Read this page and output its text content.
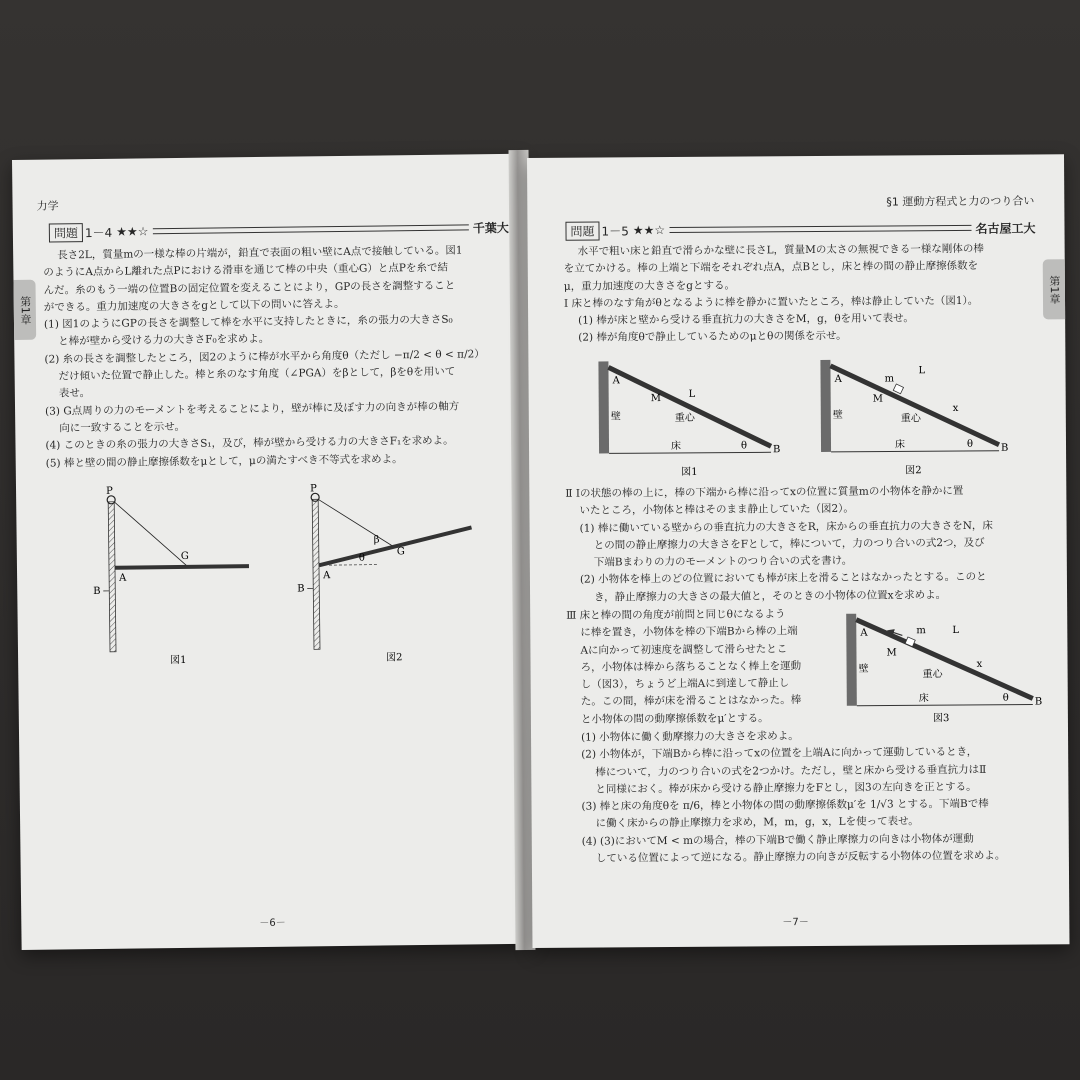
力学
第1章
問題 1－4 ★★☆	千葉大

長さ2L，質量mの一様な棒の片端が，鉛直で表面の粗い壁にA点で接触している。図1

のようにA点からL離れた点Pにおける滑車を通じて棒の中央（重心G）と点Pを糸で結

んだ。糸のもう一端の位置Bの固定位置を変えることにより，GPの長さを調整すること

ができる。重力加速度の大きさをgとして以下の問いに答えよ。

(1) 図1のようにGPの長さを調整して棒を水平に支持したときに，糸の張力の大きさS₀

と棒が壁から受ける力の大きさF₀を求めよ。

(2) 糸の長さを調整したところ，図2のように棒が水平から角度θ（ただし −π/2 < θ < π/2）

だけ傾いた位置で静止した。棒と糸のなす角度（∠PGA）をβとして，βをθを用いて

表せ。

(3) G点周りの力のモーメントを考えることにより，壁が棒に及ぼす力の向きが棒の軸方

向に一致することを示せ。

(4) このときの糸の張力の大きさS₁，及び，棒が壁から受ける力の大きさF₁を求めよ。

(5) 棒と壁の間の静止摩擦係数をμとして，μの満たすべき不等式を求めよ。

P
A
B
G
図1
P
A
B
G
β
θ
図2
－6－
§1 運動方程式と力のつり合い
第1章
問題 1－5 ★★☆	名古屋工大

水平で粗い床と鉛直で滑らかな壁に長さL，質量Mの太さの無視できる一様な剛体の棒

を立てかける。棒の上端と下端をそれぞれ点A，点Bとし，床と棒の間の静止摩擦係数を

μ，重力加速度の大きさをgとする。

Ⅰ 床と棒のなす角がθとなるように棒を静かに置いたところ，棒は静止していた（図1）。

(1) 棒が床と壁から受ける垂直抗力の大きさをM，g，θを用いて表せ。

(2) 棒が角度θで静止しているためのμとθの関係を示せ。

A
B
M	L
重心
壁
床	θ
図1
A
B
m
L
M
x
重心
壁
床	θ
図2

Ⅱ Ⅰの状態の棒の上に，棒の下端から棒に沿ってxの位置に質量mの小物体を静かに置

いたところ，小物体と棒はそのまま静止していた（図2）。

(1) 棒に働いている壁からの垂直抗力の大きさをR，床からの垂直抗力の大きさをN，床

との間の静止摩擦力の大きさをFとして，棒について，力のつり合いの式2つ，及び

下端Bまわりの力のモーメントのつり合いの式を書け。

(2) 小物体を棒上のどの位置においても棒が床上を滑ることはなかったとする。このと

き，静止摩擦力の大きさの最大値と，そのときの小物体の位置xを求めよ。

Ⅲ 床と棒の間の角度が前問と同じθになるよう

に棒を置き，小物体を棒の下端Bから棒の上端

Aに向かって初速度を調整して滑らせたとこ

ろ，小物体は棒から落ちることなく棒上を運動

し（図3），ちょうど上端Aに到達して静止し

た。この間，棒が床を滑ることはなかった。棒

と小物体の間の動摩擦係数をμ′とする。

A
B
m	L
M
x
重心
壁
床	θ
図3

(1) 小物体に働く動摩擦力の大きさを求めよ。

(2) 小物体が，下端Bから棒に沿ってxの位置を上端Aに向かって運動しているとき，

棒について，力のつり合いの式を2つかけ。ただし，壁と床から受ける垂直抗力はⅡ

と同様におく。棒が床から受ける静止摩擦力をFとし，図3の左向きを正とする。

(3) 棒と床の角度θを π/6，棒と小物体の間の動摩擦係数μ′を 1/√3 とする。下端Bで棒

に働く床からの静止摩擦力を求め，M，m，g，x，Lを使って表せ。

(4) (3)においてM < mの場合，棒の下端Bで働く静止摩擦力の向きは小物体が運動

している位置によって逆になる。静止摩擦力の向きが反転する小物体の位置を求めよ。

－7－
